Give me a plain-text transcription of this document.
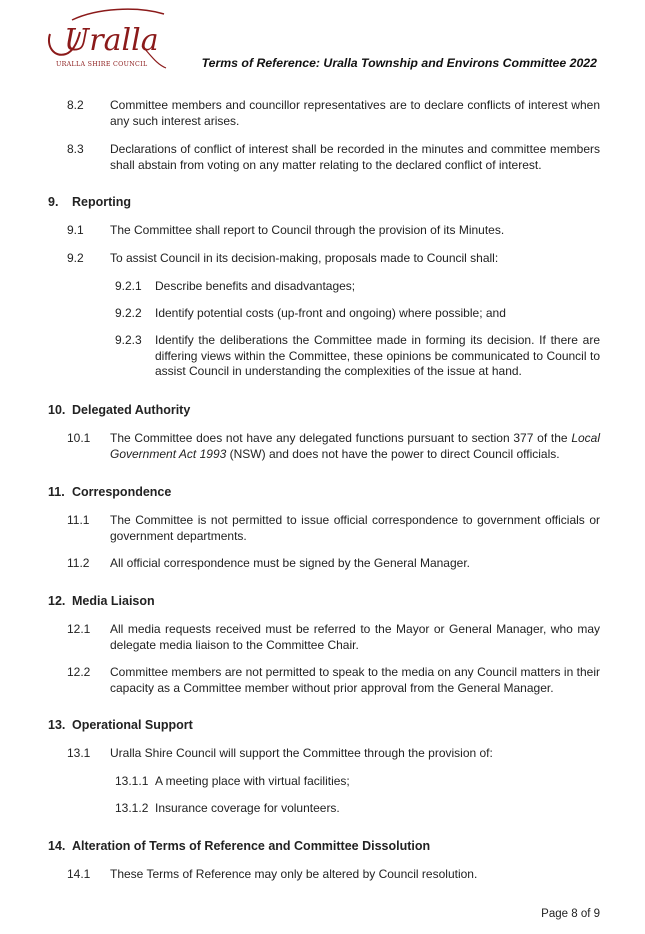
Uralla
URALLA SHIRE COUNCIL	Terms of Reference: Uralla Township and Environs Committee 2022
8.2 Committee members and councillor representatives are to declare conflicts of interest when any such interest arises.
8.3 Declarations of conflict of interest shall be recorded in the minutes and committee members shall abstain from voting on any matter relating to the declared conflict of interest.
9. Reporting
9.1 The Committee shall report to Council through the provision of its Minutes.
9.2 To assist Council in its decision-making, proposals made to Council shall:
9.2.1 Describe benefits and disadvantages;
9.2.2 Identify potential costs (up-front and ongoing) where possible; and
9.2.3 Identify the deliberations the Committee made in forming its decision. If there are differing views within the Committee, these opinions be communicated to Council to assist Council in understanding the complexities of the issue at hand.
10. Delegated Authority
10.1 The Committee does not have any delegated functions pursuant to section 377 of the Local Government Act 1993 (NSW) and does not have the power to direct Council officials.
11. Correspondence
11.1 The Committee is not permitted to issue official correspondence to government officials or government departments.
11.2 All official correspondence must be signed by the General Manager.
12. Media Liaison
12.1 All media requests received must be referred to the Mayor or General Manager, who may delegate media liaison to the Committee Chair.
12.2 Committee members are not permitted to speak to the media on any Council matters in their capacity as a Committee member without prior approval from the General Manager.
13. Operational Support
13.1 Uralla Shire Council will support the Committee through the provision of:
13.1.1 A meeting place with virtual facilities;
13.1.2 Insurance coverage for volunteers.
14. Alteration of Terms of Reference and Committee Dissolution
14.1 These Terms of Reference may only be altered by Council resolution.
Page 8 of 9
